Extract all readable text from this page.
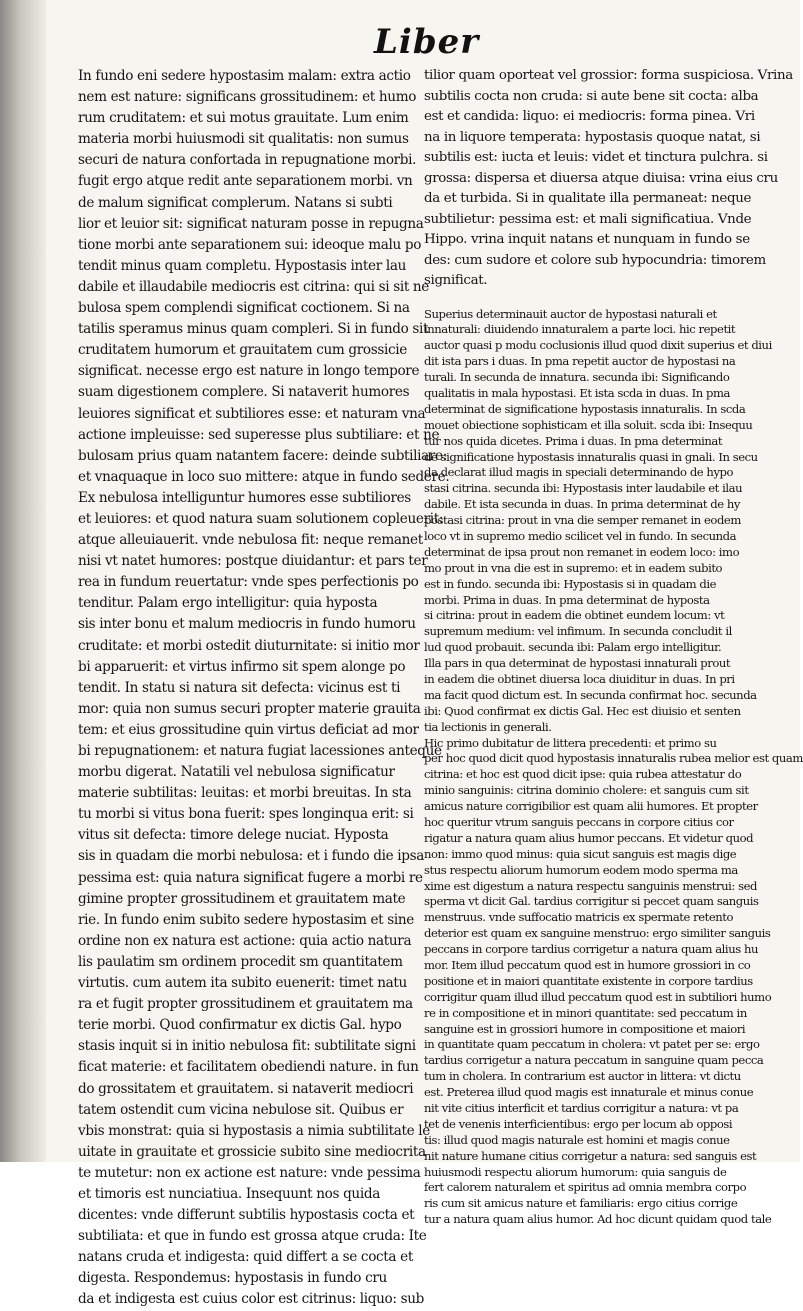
Liber
In fundo eni sedere hypostasim malam: extra actio
nem est nature: significans grossitudinem: et humo
rum cruditatem: et sui motus grauitate. Lum enim
materia morbi huiusmodi sit qualitatis: non sumus
securi de natura confortada in repugnatione morbi.
fugit ergo atque redit ante separationem morbi. vn
de malum significat complerum. Natans si subti
lior et leuior sit: significat naturam posse in repugna
tione morbi ante separationem sui: ideoque malu po
tendit minus quam completu. Hypostasis inter lau
dabile et illaudabile mediocris est citrina: qui si sit ne
bulosa spem complendi significat coctionem. Si na
tatilis speramus minus quam compleri. Si in fundo sit
cruditatem humorum et grauitatem cum grossicie
significat. necesse ergo est nature in longo tempore
suam digestionem complere. Si nataverit humores
leuiores significat et subtiliores esse: et naturam vna
actione impleuisse: sed superesse plus subtiliare: et ne
bulosam prius quam natantem facere: deinde subtiliare:
et vnaquaque in loco suo mittere: atque in fundo sedere.
Ex nebulosa intelliguntur humores esse subtiliores
et leuiores: et quod natura suam solutionem copleuerit:
atque alleuiauerit. vnde nebulosa fit: neque remanet
nisi vt natet humores: postque diuidantur: et pars ter
rea in fundum reuertatur: vnde spes perfectionis po
tenditur. Palam ergo intelligitur: quia hyposta
sis inter bonu et malum mediocris in fundo humoru
cruditate: et morbi ostedit diuturnitate: si initio mor
bi apparuerit: et virtus infirmo sit spem alonge po
tendit. In statu si natura sit defecta: vicinus est ti
mor: quia non sumus securi propter materie grauita
tem: et eius grossitudine quin virtus deficiat ad mor
bi repugnationem: et natura fugiat lacessiones anteque
morbu digerat. Natatili vel nebulosa significatur
materie subtilitas: leuitas: et morbi breuitas. In sta
tu morbi si vitus bona fuerit: spes longinqua erit: si
vitus sit defecta: timore delege nuciat. Hyposta
sis in quadam die morbi nebulosa: et i fundo die ipsa
pessima est: quia natura significat fugere a morbi re
gimine propter grossitudinem et grauitatem mate
rie. In fundo enim subito sedere hypostasim et sine
ordine non ex natura est actione: quia actio natura
lis paulatim sm ordinem procedit sm quantitatem
virtutis. cum autem ita subito euenerit: timet natu
ra et fugit propter grossitudinem et grauitatem ma
terie morbi. Quod confirmatur ex dictis Gal. hypo
stasis inquit si in initio nebulosa fit: subtilitate signi
ficat materie: et facilitatem obediendi nature. in fun
do grossitatem et grauitatem. si nataverit mediocri
tatem ostendit cum vicina nebulose sit. Quibus er
vbis monstrat: quia si hypostasis a nimia subtilitate le
uitate in grauitate et grossicie subito sine mediocrita
te mutetur: non ex actione est nature: vnde pessima
et timoris est nunciatiua. Insequunt nos quida
dicentes: vnde differunt subtilis hypostasis cocta et
subtiliata: et que in fundo est grossa atque cruda: Ite
natans cruda et indigesta: quid differt a se cocta et
digesta. Respondemus: hypostasis in fundo cru
da et indigesta est cuius color est citrinus: liquo: sub
tilior quam oporteat vel grossior: forma suspiciosa. Vrina
subtilis cocta non cruda: si aute bene sit cocta: alba
est et candida: liquo: ei mediocris: forma pinea. Vri
na in liquore temperata: hypostasis quoque natat, si
subtilis est: iucta et leuis: videt et tinctura pulchra. si
grossa: dispersa et diuersa atque diuisa: vrina eius cru
da et turbida. Si in qualitate illa permaneat: neque
subtilietur: pessima est: et mali significatiua. Vnde
Hippo. vrina inquit natans et nunquam in fundo se
des: cum sudore et colore sub hypocundria: timorem
significat.
Superius determinauit auctor de hypostasi naturali et
innaturali: diuidendo innaturalem a parte loci. hic repetit
auctor quasi p modu coclusionis illud quod dixit superius et diui
dit ista pars i duas. In pma repetit auctor de hypostasi na
turali. In secunda de innatura. secunda ibi: Significando
qualitatis in mala hypostasi. Et ista scda in duas. In pma
determinat de significatione hypostasis innaturalis. In scda
mouet obiectione sophisticam et illa soluit. scda ibi: Insequu
tur nos quida dicetes. Prima i duas. In pma determinat
de significatione hypostasis innaturalis quasi in gnali. In secu
da declarat illud magis in speciali determinando de hypo
stasi citrina. secunda ibi: Hypostasis inter laudabile et ilau
dabile. Et ista secunda in duas. In prima determinat de hy
postasi citrina: prout in vna die semper remanet in eodem
loco vt in supremo medio scilicet vel in fundo. In secunda
determinat de ipsa prout non remanet in eodem loco: imo
mo prout in vna die est in supremo: et in eadem subito
est in fundo. secunda ibi: Hypostasis si in quadam die
morbi. Prima in duas. In pma determinat de hyposta
si citrina: prout in eadem die obtinet eundem locum: vt
supremum medium: vel infimum. In secunda concludit il
lud quod probauit. secunda ibi: Palam ergo intelligitur.
Illa pars in qua determinat de hypostasi innaturali prout
in eadem die obtinet diuersa loca diuiditur in duas. In pri
ma facit quod dictum est. In secunda confirmat hoc. secunda
ibi: Quod confirmat ex dictis Gal. Hec est diuisio et senten
tia lectionis in generali.
Hic primo dubitatur de littera precedenti: et primo su
per hoc quod dicit quod hypostasis innaturalis rubea melior est quam
citrina: et hoc est quod dicit ipse: quia rubea attestatur do
minio sanguinis: citrina dominio cholere: et sanguis cum sit
amicus nature corrigibilior est quam alii humores. Et propter
hoc queritur vtrum sanguis peccans in corpore citius cor
rigatur a natura quam alius humor peccans. Et videtur quod
non: immo quod minus: quia sicut sanguis est magis dige
stus respectu aliorum humorum eodem modo sperma ma
xime est digestum a natura respectu sanguinis menstrui: sed
sperma vt dicit Gal. tardius corrigitur si peccet quam sanguis
menstruus. vnde suffocatio matricis ex spermate retento
deterior est quam ex sanguine menstruo: ergo similiter sanguis
peccans in corpore tardius corrigetur a natura quam alius hu
mor. Item illud peccatum quod est in humore grossiori in co
positione et in maiori quantitate existente in corpore tardius
corrigitur quam illud illud peccatum quod est in subtiliori humo
re in compositione et in minori quantitate: sed peccatum in
sanguine est in grossiori humore in compositione et maiori
in quantitate quam peccatum in cholera: vt patet per se: ergo
tardius corrigetur a natura peccatum in sanguine quam pecca
tum in cholera. In contrarium est auctor in littera: vt dictu
est. Preterea illud quod magis est innaturale et minus conue
nit vite citius interficit et tardius corrigitur a natura: vt pa
tet de venenis interficientibus: ergo per locum ab opposi
tis: illud quod magis naturale est homini et magis conue
nit nature humane citius corrigetur a natura: sed sanguis est
huiusmodi respectu aliorum humorum: quia sanguis de
fert calorem naturalem et spiritus ad omnia membra corpo
ris cum sit amicus nature et familiaris: ergo citius corrige
tur a natura quam alius humor. Ad hoc dicunt quidam quod tale
